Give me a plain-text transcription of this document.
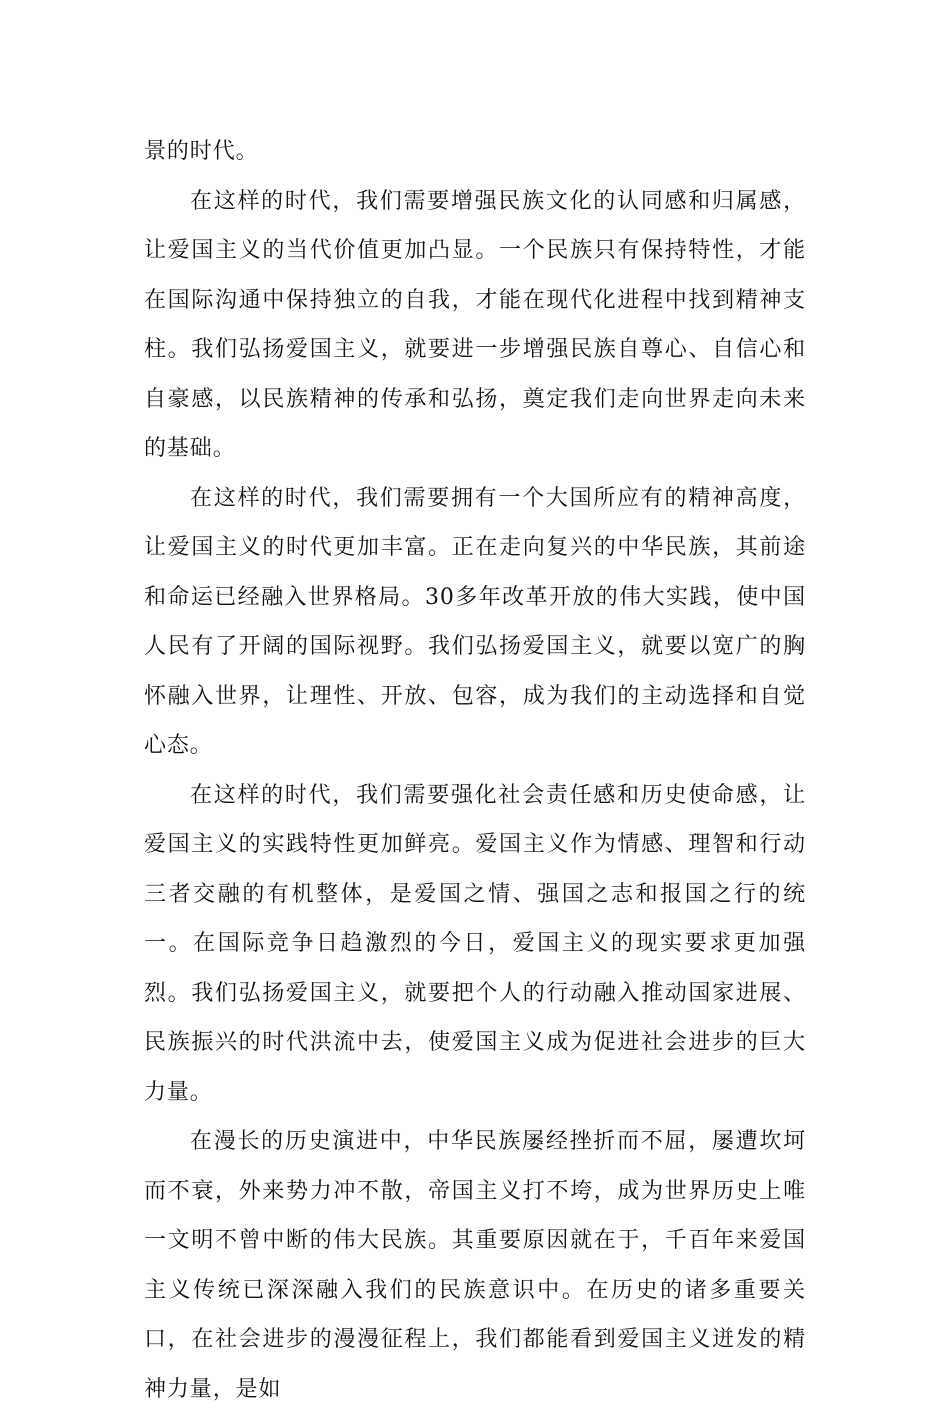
景的时代。

在这样的时代，我们需要增强民族文化的认同感和归属感，让爱国主义的当代价值更加凸显。一个民族只有保持特性，才能在国际沟通中保持独立的自我，才能在现代化进程中找到精神支柱。我们弘扬爱国主义，就要进一步增强民族自尊心、自信心和自豪感，以民族精神的传承和弘扬，奠定我们走向世界走向未来的基础。

在这样的时代，我们需要拥有一个大国所应有的精神高度，让爱国主义的时代更加丰富。正在走向复兴的中华民族，其前途和命运已经融入世界格局。30多年改革开放的伟大实践，使中国人民有了开阔的国际视野。我们弘扬爱国主义，就要以宽广的胸怀融入世界，让理性、开放、包容，成为我们的主动选择和自觉心态。

在这样的时代，我们需要强化社会责任感和历史使命感，让爱国主义的实践特性更加鲜亮。爱国主义作为情感、理智和行动三者交融的有机整体，是爱国之情、强国之志和报国之行的统一。在国际竞争日趋激烈的今日，爱国主义的现实要求更加强烈。我们弘扬爱国主义，就要把个人的行动融入推动国家进展、民族振兴的时代洪流中去，使爱国主义成为促进社会进步的巨大力量。

在漫长的历史演进中，中华民族屡经挫折而不屈，屡遭坎坷而不衰，外来势力冲不散，帝国主义打不垮，成为世界历史上唯一文明不曾中断的伟大民族。其重要原因就在于，千百年来爱国主义传统已深深融入我们的民族意识中。在历史的诸多重要关口，在社会进步的漫漫征程上，我们都能看到爱国主义迸发的精神力量，是如
